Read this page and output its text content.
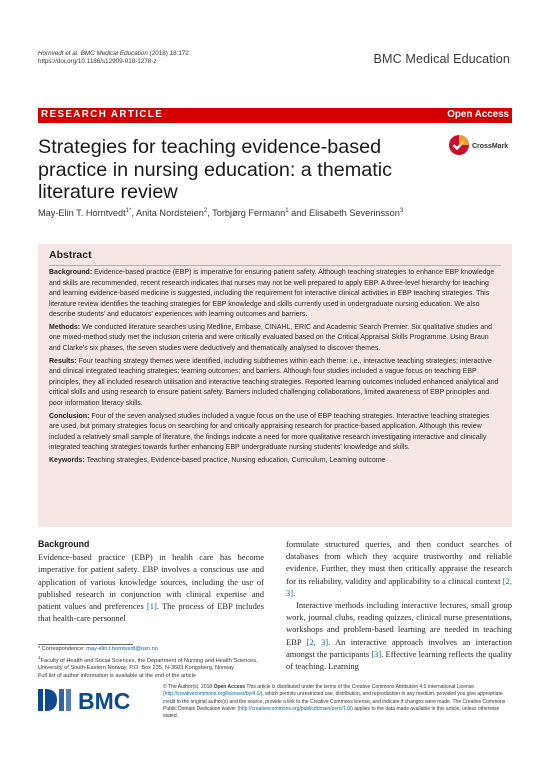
Hornvedt et al. BMC Medical Education (2018) 18:172
https://doi.org/10.1186/s12909-018-1278-z	BMC Medical Education
RESEARCH ARTICLE	Open Access
Strategies for teaching evidence-based practice in nursing education: a thematic literature review
CrossMark
May-Elin T. Horntvedt$^{1*}$, Anita Nordsteien$^2$, Torbjørg Fermann$^1$ and Elisabeth Severinsson$^3$
Abstract

Background: Evidence-based practice (EBP) is imperative for ensuring patient safety. Although teaching strategies to enhance EBP knowledge and skills are recommended, recent research indicates that nurses may not be well prepared to apply EBP. A three-level hierarchy for teaching and learning evidence-based medicine is suggested, including the requirement for interactive clinical activities in EBP teaching strategies. This literature review identifies the teaching strategies for EBP knowledge and skills currently used in undergraduate nursing education. We also describe students' and educators' experiences with learning outcomes and barriers.

Methods: We conducted literature searches using Medline, Embase, CINAHL, ERIC and Academic Search Premier. Six qualitative studies and one mixed-method study met the inclusion criteria and were critically evaluated based on the Critical Appraisal Skills Programme. Using Braun and Clarke's six phases, the seven studies were deductively and thematically analysed to discover themes.

Results: Four teaching strategy themes were identified, including subthemes within each theme: i.e., interactive teaching strategies; interactive and clinical integrated teaching strategies; learning outcomes; and barriers. Although four studies included a vague focus on teaching EBP principles, they all included research utilisation and interactive teaching strategies. Reported learning outcomes included enhanced analytical and critical skills and using research to ensure patient safety. Barriers included challenging collaborations, limited awareness of EBP principles and poor information literacy skills.

Conclusion: Four of the seven analysed studies included a vague focus on the use of EBP teaching strategies. Interactive teaching strategies are used, but primary strategies focus on searching for and critically appraising research for practice-based application. Although this review included a relatively small sample of literature, the findings indicate a need for more qualitative research investigating interactive and clinically integrated teaching strategies towards further enhancing EBP undergraduate nursing students' knowledge and skills.

Keywords: Teaching strategies, Evidence-based practice, Nursing education, Curriculum, Learning outcome

Background

Evidence-based practice (EBP) in health care has become imperative for patient safety. EBP involves a conscious use and application of various knowledge sources, including the use of published research in conjunction with clinical expertise and patient values and preferences [1]. The process of EBP includes that health-care personnel

formulate structured queries, and then conduct searches of databases from which they acquire trustworthy and reliable evidence. Further, they must then critically appraise the research for its reliability, validity and applicability to a clinical context [2, 3].

Interactive methods including interactive lectures, small group work, journal clubs, reading quizzes, clinical nurse presentations, workshops and problem-based learning are needed in teaching EBP [2, 3]. An interactive approach involves an interaction amongst the participants [3]. Effective learning reflects the quality of teaching. Learning

* Correspondence: may-elin.t.horntvedt@usn.no
$^1$Faculty of Health and Social Sciences, the Department of Nursing and Health Sciences, University of South-Eastern Norway, P.O. Box 235, N-3603 Kongsberg, Norway
Full list of author information is available at the end of the article
BMC
© The Author(s). 2018 Open Access This article is distributed under the terms of the Creative Commons Attribution 4.0 International License (http://creativecommons.org/licenses/by/4.0/), which permits unrestricted use, distribution, and reproduction in any medium, provided you give appropriate credit to the original author(s) and the source, provide a link to the Creative Commons license, and indicate if changes were made. The Creative Commons Public Domain Dedication waiver (http://creativecommons.org/publicdomain/zero/1.0/) applies to the data made available in this article, unless otherwise stated.
